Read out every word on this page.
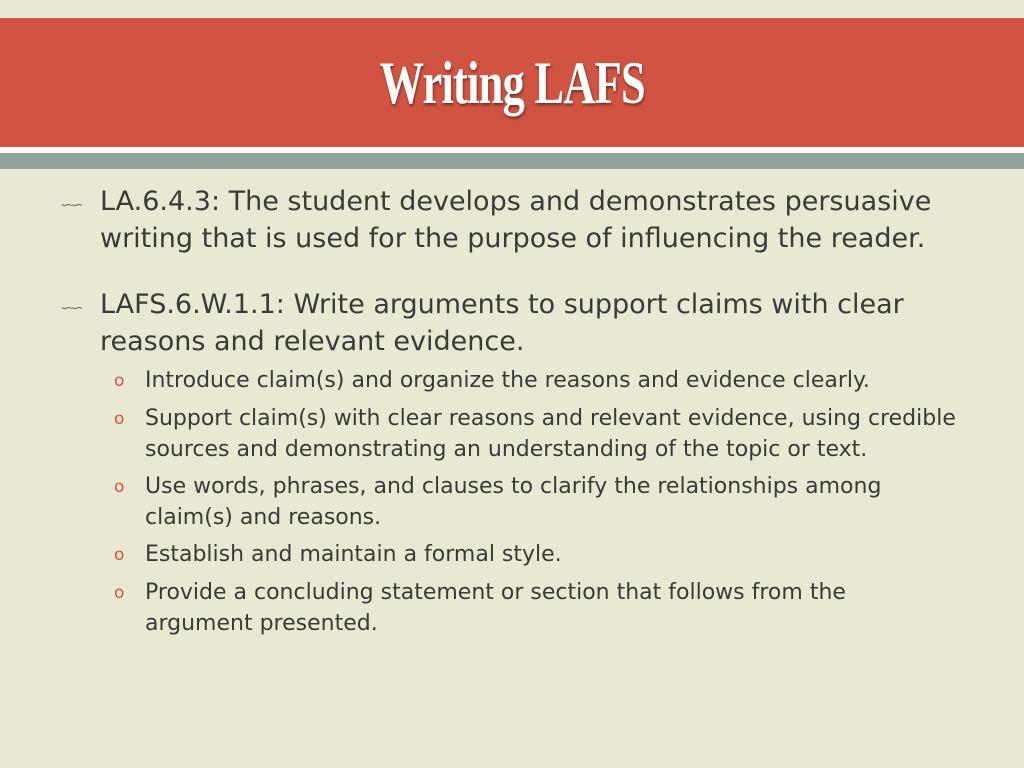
Writing LAFS
∽∽ LA.6.4.3: The student develops and demonstrates persuasive writing that is used for the purpose of influencing the reader.
∽∽ LAFS.6.W.1.1: Write arguments to support claims with clear reasons and relevant evidence.
o Introduce claim(s) and organize the reasons and evidence clearly.
o Support claim(s) with clear reasons and relevant evidence, using credible sources and demonstrating an understanding of the topic or text.
o Use words, phrases, and clauses to clarify the relationships among claim(s) and reasons.
o Establish and maintain a formal style.
o Provide a concluding statement or section that follows from the argument presented.
